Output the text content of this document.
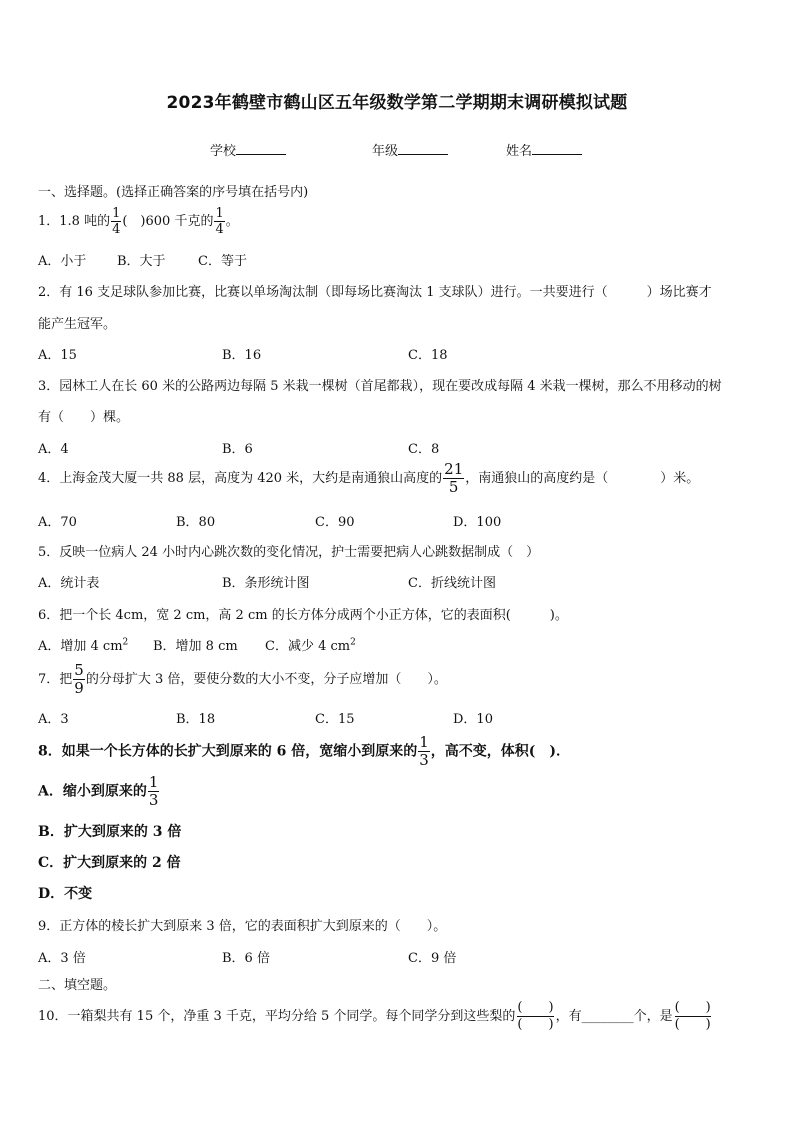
2023年鹤壁市鹤山区五年级数学第二学期期末调研模拟试题
学校	年级	姓名
一、选择题。(选择正确答案的序号填在括号内)
1．1.8 吨的 $\frac{1}{4}$ (　)600 千克的 $\frac{1}{4}$ 。
A．小于 B．大于 C．等于
2．有 16 支足球队参加比赛，比赛以单场淘汰制（即每场比赛淘汰 1 支球队）进行。一共要进行（　　　）场比赛才
能产生冠军。
A．15	B．16	C．18
3．园林工人在长 60 米的公路两边每隔 5 米栽一棵树（首尾都栽），现在要改成每隔 4 米栽一棵树，那么不用移动的树
有（　　）棵。
A．4	B．6	C．8
4．上海金茂大厦一共 88 层，高度为 420 米，大约是南通狼山高度的 $\frac{21}{5}$ ，南通狼山的高度约是（　　　　）米。
A．70	B．80	C．90	D．100
5．反映一位病人 24 小时内心跳次数的变化情况，护士需要把病人心跳数据制成（　）
A．统计表	B．条形统计图	C．折线统计图
6．把一个长 4cm，宽 2 cm，高 2 cm 的长方体分成两个小正方体，它的表面积(　　　)。
A．增加 4 $cm^2$ B．增加 8 cm C．减少 4 $cm^2$
7．把 $\frac{5}{9}$ 的分母扩大 3 倍，要使分数的大小不变，分子应增加（　　）。
A．3	B．18	C．15	D．10
8．如果一个长方体的长扩大到原来的 6 倍，宽缩小到原来的 $\frac{1}{3}$ ，高不变，体积(　)．
A．缩小到原来的 $\frac{1}{3}$
B．扩大到原来的 3 倍
C．扩大到原来的 2 倍
D．不变
9．正方体的棱长扩大到原来 3 倍，它的表面积扩大到原来的（　　）。
A．3 倍	B．6 倍	C．9 倍
二、填空题。
10．一箱梨共有 15 个，净重 3 千克，平均分给 5 个同学。每个同学分到这些梨的
(　　)
(　　)
，有________个，是
(　　)
(　　)
